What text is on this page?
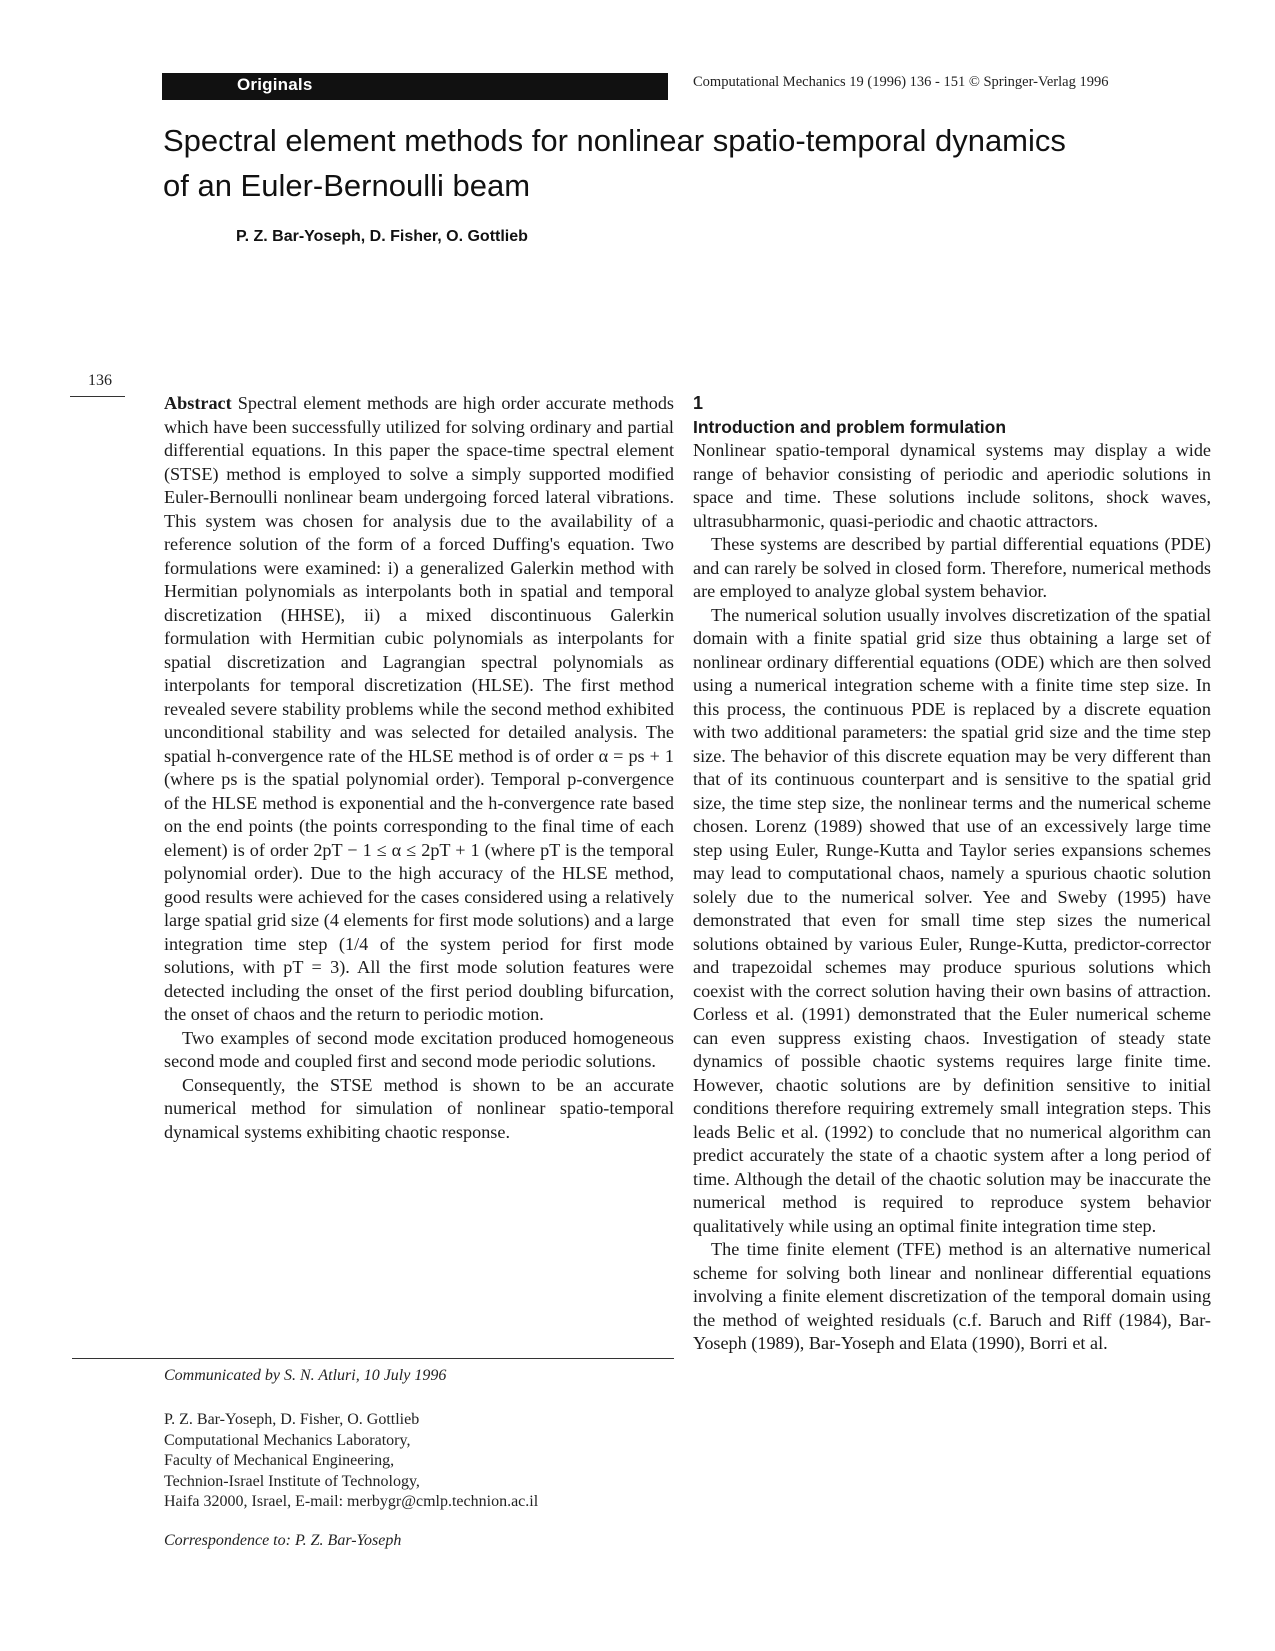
Originals	Computational Mechanics 19 (1996) 136 - 151 © Springer-Verlag 1996
Spectral element methods for nonlinear spatio-temporal dynamics
of an Euler-Bernoulli beam
P. Z. Bar-Yoseph, D. Fisher, O. Gottlieb
136

Abstract Spectral element methods are high order accurate methods which have been successfully utilized for solving ordinary and partial differential equations. In this paper the space-time spectral element (STSE) method is employed to solve a simply supported modified Euler-Bernoulli nonlinear beam undergoing forced lateral vibrations. This system was chosen for analysis due to the availability of a reference solution of the form of a forced Duffing's equation. Two formulations were examined: i) a generalized Galerkin method with Hermitian polynomials as interpolants both in spatial and temporal discretization (HHSE), ii) a mixed discontinuous Galerkin formulation with Hermitian cubic polynomials as interpolants for spatial discretization and Lagrangian spectral polynomials as interpolants for temporal discretization (HLSE). The first method revealed severe stability problems while the second method exhibited unconditional stability and was selected for detailed analysis. The spatial h-convergence rate of the HLSE method is of order α = ps + 1 (where ps is the spatial polynomial order). Temporal p-convergence of the HLSE method is exponential and the h-convergence rate based on the end points (the points corresponding to the final time of each element) is of order 2pT − 1 ≤ α ≤ 2pT + 1 (where pT is the temporal polynomial order). Due to the high accuracy of the HLSE method, good results were achieved for the cases considered using a relatively large spatial grid size (4 elements for first mode solutions) and a large integration time step (1/4 of the system period for first mode solutions, with pT = 3). All the first mode solution features were detected including the onset of the first period doubling bifurcation, the onset of chaos and the return to periodic motion.

Two examples of second mode excitation produced homogeneous second mode and coupled first and second mode periodic solutions.

Consequently, the STSE method is shown to be an accurate numerical method for simulation of nonlinear spatio-temporal dynamical systems exhibiting chaotic response.

Communicated by S. N. Atluri, 10 July 1996
P. Z. Bar-Yoseph, D. Fisher, O. Gottlieb
Computational Mechanics Laboratory,
Faculty of Mechanical Engineering,
Technion-Israel Institute of Technology,
Haifa 32000, Israel, E-mail: merbygr@cmlp.technion.ac.il
Correspondence to: P. Z. Bar-Yoseph
1
Introduction and problem formulation

Nonlinear spatio-temporal dynamical systems may display a wide range of behavior consisting of periodic and aperiodic solutions in space and time. These solutions include solitons, shock waves, ultrasubharmonic, quasi-periodic and chaotic attractors.

These systems are described by partial differential equations (PDE) and can rarely be solved in closed form. Therefore, numerical methods are employed to analyze global system behavior.

The numerical solution usually involves discretization of the spatial domain with a finite spatial grid size thus obtaining a large set of nonlinear ordinary differential equations (ODE) which are then solved using a numerical integration scheme with a finite time step size. In this process, the continuous PDE is replaced by a discrete equation with two additional parameters: the spatial grid size and the time step size. The behavior of this discrete equation may be very different than that of its continuous counterpart and is sensitive to the spatial grid size, the time step size, the nonlinear terms and the numerical scheme chosen. Lorenz (1989) showed that use of an excessively large time step using Euler, Runge-Kutta and Taylor series expansions schemes may lead to computational chaos, namely a spurious chaotic solution solely due to the numerical solver. Yee and Sweby (1995) have demonstrated that even for small time step sizes the numerical solutions obtained by various Euler, Runge-Kutta, predictor-corrector and trapezoidal schemes may produce spurious solutions which coexist with the correct solution having their own basins of attraction. Corless et al. (1991) demonstrated that the Euler numerical scheme can even suppress existing chaos. Investigation of steady state dynamics of possible chaotic systems requires large finite time. However, chaotic solutions are by definition sensitive to initial conditions therefore requiring extremely small integration steps. This leads Belic et al. (1992) to conclude that no numerical algorithm can predict accurately the state of a chaotic system after a long period of time. Although the detail of the chaotic solution may be inaccurate the numerical method is required to reproduce system behavior qualitatively while using an optimal finite integration time step.

The time finite element (TFE) method is an alternative numerical scheme for solving both linear and nonlinear differential equations involving a finite element discretization of the temporal domain using the method of weighted residuals (c.f. Baruch and Riff (1984), Bar-Yoseph (1989), Bar-Yoseph and Elata (1990), Borri et al.
